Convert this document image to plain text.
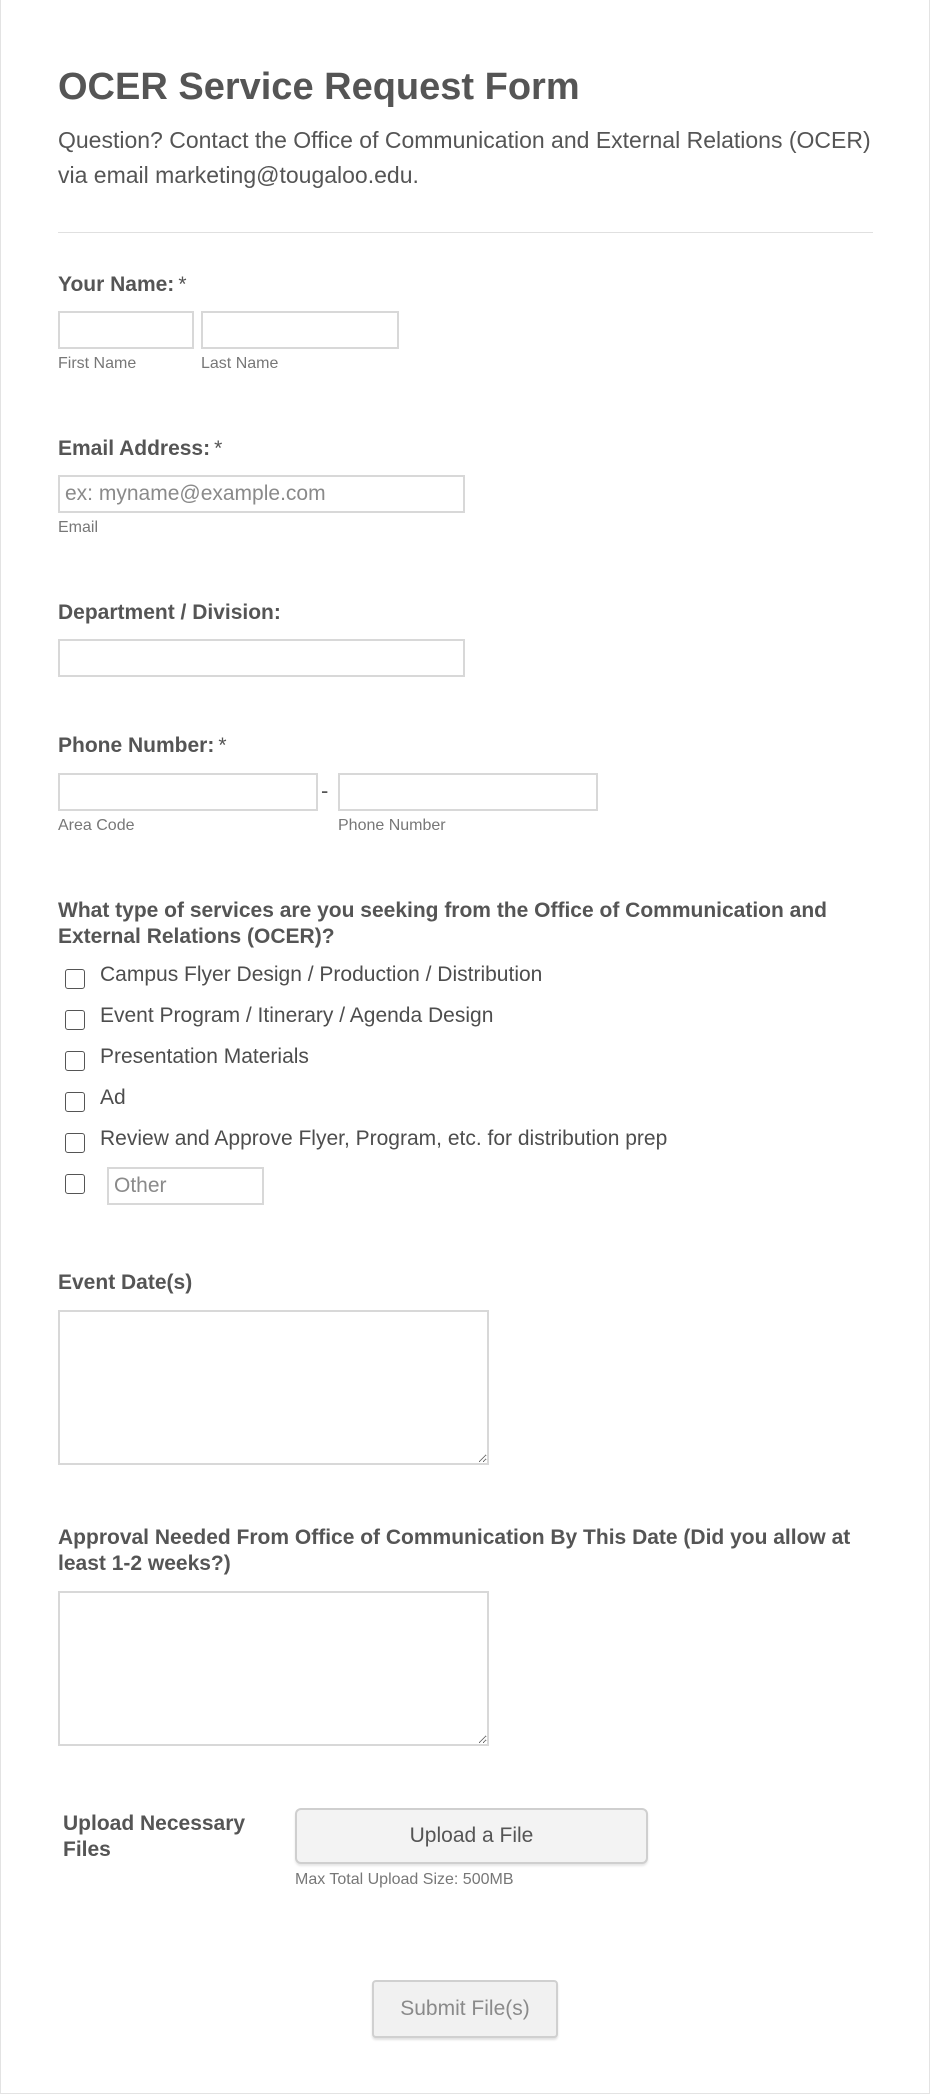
OCER Service Request Form

Question? Contact the Office of Communication and External Relations (OCER) via email marketing@tougaloo.edu.

Your Name: *
First Name	Last Name
Email Address: *
ex: myname@example.com
Email
Department / Division:
Phone Number: *
-
Area Code	Phone Number
What type of services are you seeking from the Office of Communication and External Relations (OCER)?
Campus Flyer Design / Production / Distribution
Event Program / Itinerary / Agenda Design
Presentation Materials
Ad
Review and Approve Flyer, Program, etc. for distribution prep
Other
Event Date(s)
Approval Needed From Office of Communication By This Date (Did you allow at least 1-2 weeks?)
Upload Necessary Files
Upload a File
Max Total Upload Size: 500MB
Submit File(s)
